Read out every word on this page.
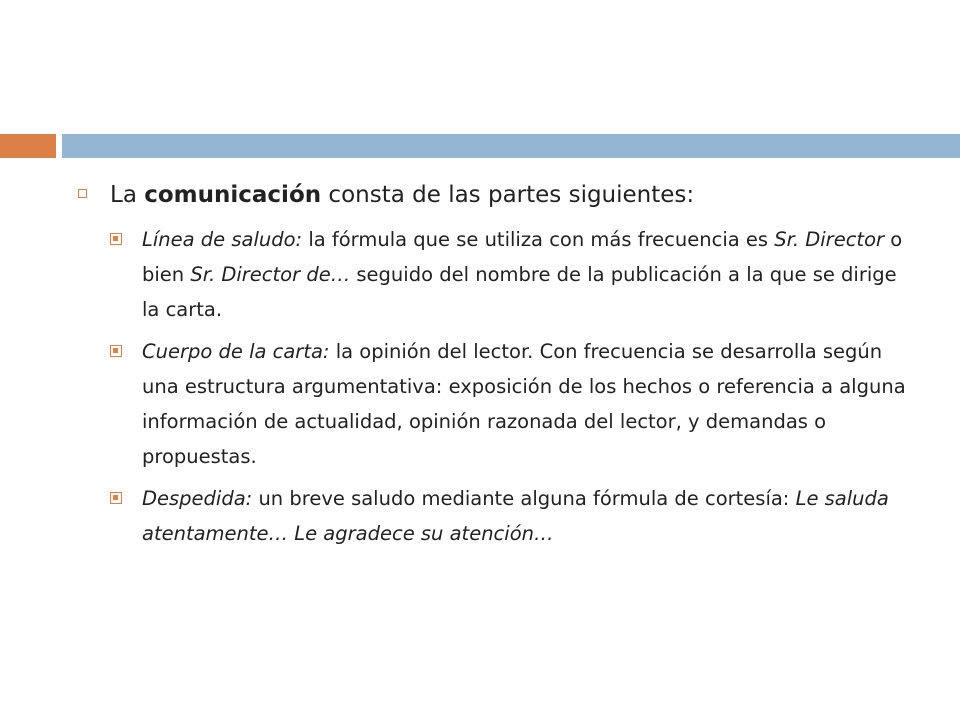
La comunicación consta de las partes siguientes:
Línea de saludo: la fórmula que se utiliza con más frecuencia es Sr. Director o bien Sr. Director de… seguido del nombre de la publicación a la que se dirige la carta.
Cuerpo de la carta: la opinión del lector. Con frecuencia se desarrolla según una estructura argumentativa: exposición de los hechos o referencia a alguna información de actualidad, opinión razonada del lector, y demandas o propuestas.
Despedida: un breve saludo mediante alguna fórmula de cortesía: Le saluda atentamente… Le agradece su atención…
